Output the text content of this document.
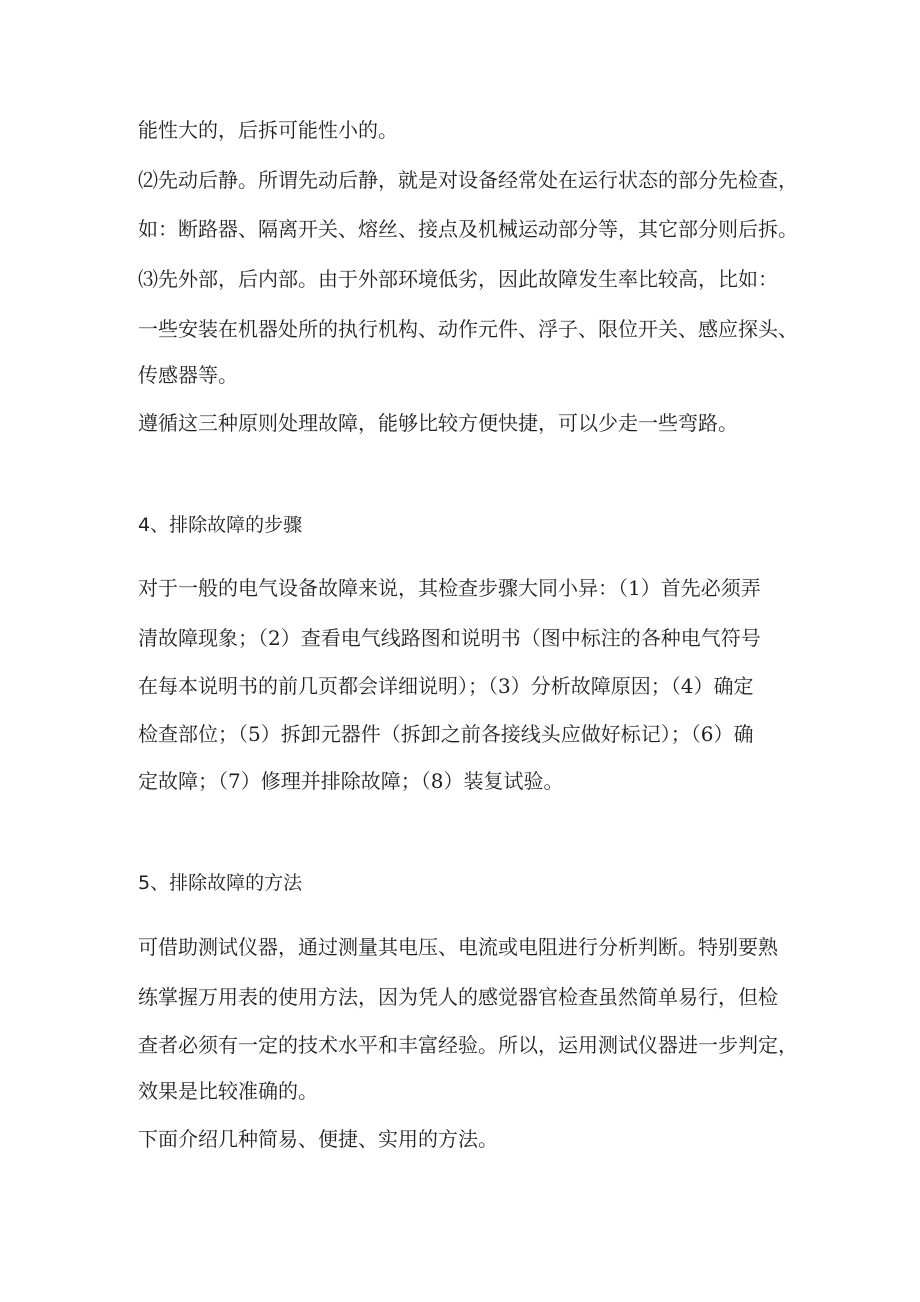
能性大的，后拆可能性小的。
⑵先动后静。所谓先动后静，就是对设备经常处在运行状态的部分先检查，
如：断路器、隔离开关、熔丝、接点及机械运动部分等，其它部分则后拆。
⑶先外部，后内部。由于外部环境低劣，因此故障发生率比较高，比如：
一些安装在机器处所的执行机构、动作元件、浮子、限位开关、感应探头、
传感器等。
遵循这三种原则处理故障，能够比较方便快捷，可以少走一些弯路。
4、排除故障的步骤
对于一般的电气设备故障来说，其检查步骤大同小异：（1）首先必须弄
清故障现象；（2）查看电气线路图和说明书（图中标注的各种电气符号
在每本说明书的前几页都会详细说明）；（3）分析故障原因；（4）确定
检查部位；（5）拆卸元器件（拆卸之前各接线头应做好标记）；（6）确
定故障；（7）修理并排除故障；（8）装复试验。
5、排除故障的方法
可借助测试仪器，通过测量其电压、电流或电阻进行分析判断。特别要熟
练掌握万用表的使用方法，因为凭人的感觉器官检查虽然简单易行，但检
查者必须有一定的技术水平和丰富经验。所以，运用测试仪器进一步判定，
效果是比较准确的。
下面介绍几种简易、便捷、实用的方法。
